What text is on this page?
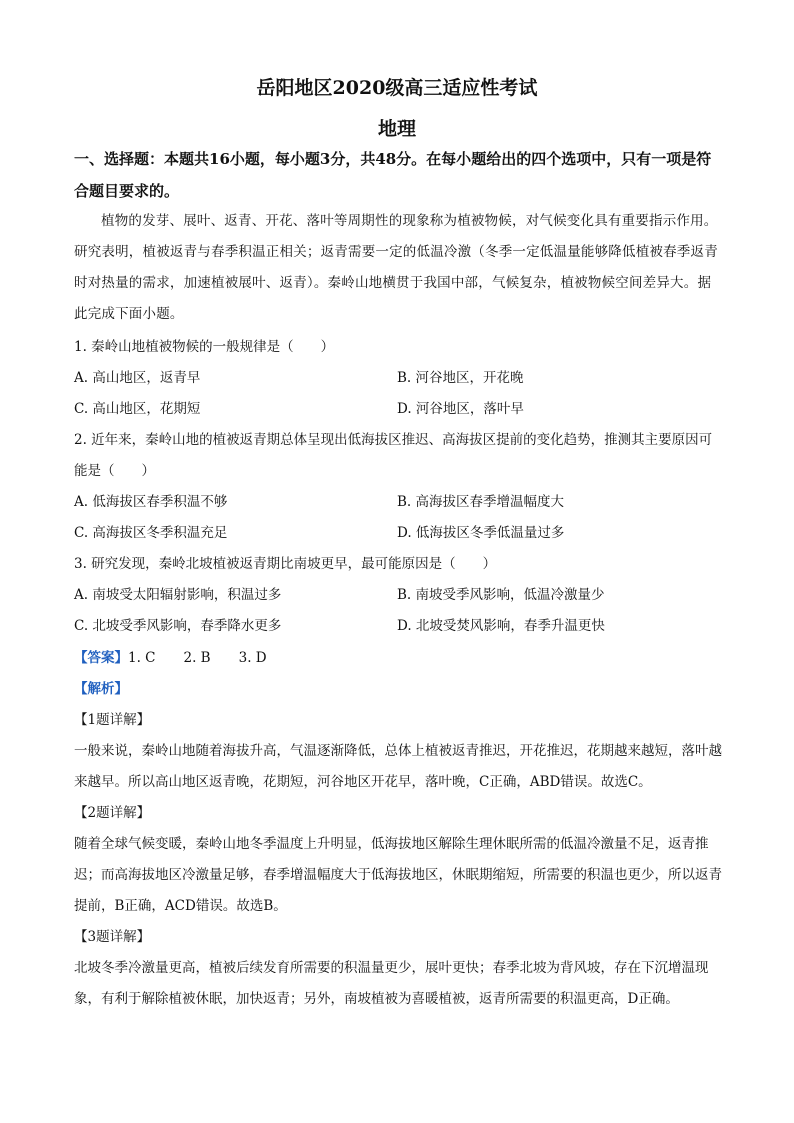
岳阳地区2020级高三适应性考试
地理
一、选择题：本题共16小题，每小题3分，共48分。在每小题给出的四个选项中，只有一项是符合题目要求的。
植物的发芽、展叶、返青、开花、落叶等周期性的现象称为植被物候，对气候变化具有重要指示作用。研究表明，植被返青与春季积温正相关；返青需要一定的低温冷激（冬季一定低温量能够降低植被春季返青时对热量的需求，加速植被展叶、返青）。秦岭山地横贯于我国中部，气候复杂，植被物候空间差异大。据此完成下面小题。
1. 秦岭山地植被物候的一般规律是（　　）
A. 高山地区，返青早	B. 河谷地区，开花晚
C. 高山地区，花期短	D. 河谷地区，落叶早
2. 近年来，秦岭山地的植被返青期总体呈现出低海拔区推迟、高海拔区提前的变化趋势，推测其主要原因可能是（　　）
A. 低海拔区春季积温不够	B. 高海拔区春季增温幅度大
C. 高海拔区冬季积温充足	D. 低海拔区冬季低温量过多
3. 研究发现，秦岭北坡植被返青期比南坡更早，最可能原因是（　　）
A. 南坡受太阳辐射影响，积温过多	B. 南坡受季风影响，低温冷激量少
C. 北坡受季风影响，春季降水更多	D. 北坡受焚风影响，春季升温更快
【答案】1. C 2. B 3. D
【解析】
【1题详解】
一般来说，秦岭山地随着海拔升高，气温逐渐降低，总体上植被返青推迟，开花推迟，花期越来越短，落叶越来越早。所以高山地区返青晚，花期短，河谷地区开花早，落叶晚，C正确，ABD错误。故选C。
【2题详解】
随着全球气候变暖，秦岭山地冬季温度上升明显，低海拔地区解除生理休眠所需的低温冷激量不足，返青推迟；而高海拔地区冷激量足够，春季增温幅度大于低海拔地区，休眠期缩短，所需要的积温也更少，所以返青提前，B正确，ACD错误。故选B。
【3题详解】
北坡冬季冷激量更高，植被后续发育所需要的积温量更少，展叶更快；春季北坡为背风坡，存在下沉增温现象，有利于解除植被休眠，加快返青；另外，南坡植被为喜暖植被，返青所需要的积温更高，D正确。
